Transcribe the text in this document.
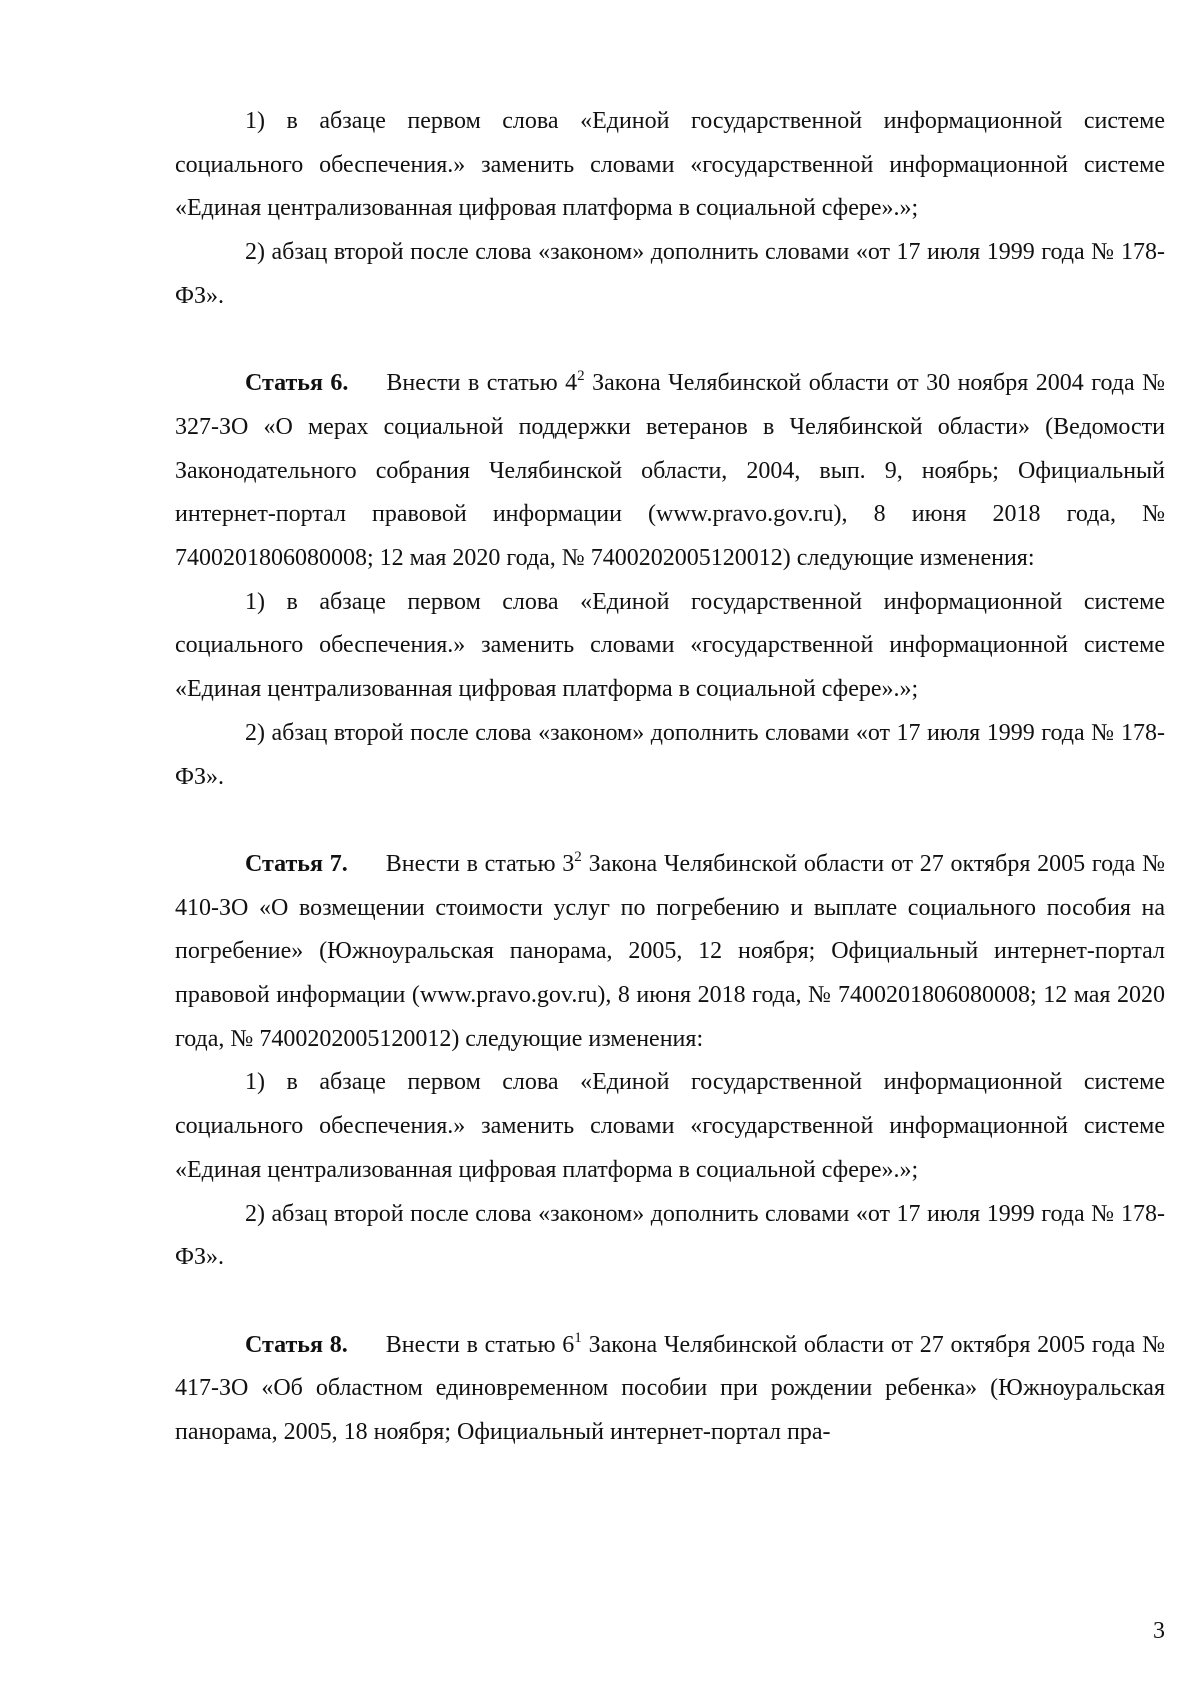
1) в абзаце первом слова «Единой государственной информационной системе социального обеспечения.» заменить словами «государственной информационной системе «Единая централизованная цифровая платформа в социальной сфере».»;

2) абзац второй после слова «законом» дополнить словами «от 17 июля 1999 года № 178-ФЗ».

Статья 6. Внести в статью $4^2$ Закона Челябинской области от 30 ноября 2004 года № 327-ЗО «О мерах социальной поддержки ветеранов в Челябинской области» (Ведомости Законодательного собрания Челябинской области, 2004, вып. 9, ноябрь; Официальный интернет-портал правовой информации (www.pravo.gov.ru), 8 июня 2018 года, № 7400201806080008; 12 мая 2020 года, № 7400202005120012) следующие изменения:

1) в абзаце первом слова «Единой государственной информационной системе социального обеспечения.» заменить словами «государственной информационной системе «Единая централизованная цифровая платформа в социальной сфере».»;

2) абзац второй после слова «законом» дополнить словами «от 17 июля 1999 года № 178-ФЗ».

Статья 7. Внести в статью $3^2$ Закона Челябинской области от 27 октября 2005 года № 410-ЗО «О возмещении стоимости услуг по погребению и выплате социального пособия на погребение» (Южноуральская панорама, 2005, 12 ноября; Официальный интернет-портал правовой информации (www.pravo.gov.ru), 8 июня 2018 года, № 7400201806080008; 12 мая 2020 года, № 7400202005120012) следующие изменения:

1) в абзаце первом слова «Единой государственной информационной системе социального обеспечения.» заменить словами «государственной информационной системе «Единая централизованная цифровая платформа в социальной сфере».»;

2) абзац второй после слова «законом» дополнить словами «от 17 июля 1999 года № 178-ФЗ».

Статья 8. Внести в статью $6^1$ Закона Челябинской области от 27 октября 2005 года № 417-ЗО «Об областном единовременном пособии при рождении ребенка» (Южноуральская панорама, 2005, 18 ноября; Официальный интернет-портал пра-

3
